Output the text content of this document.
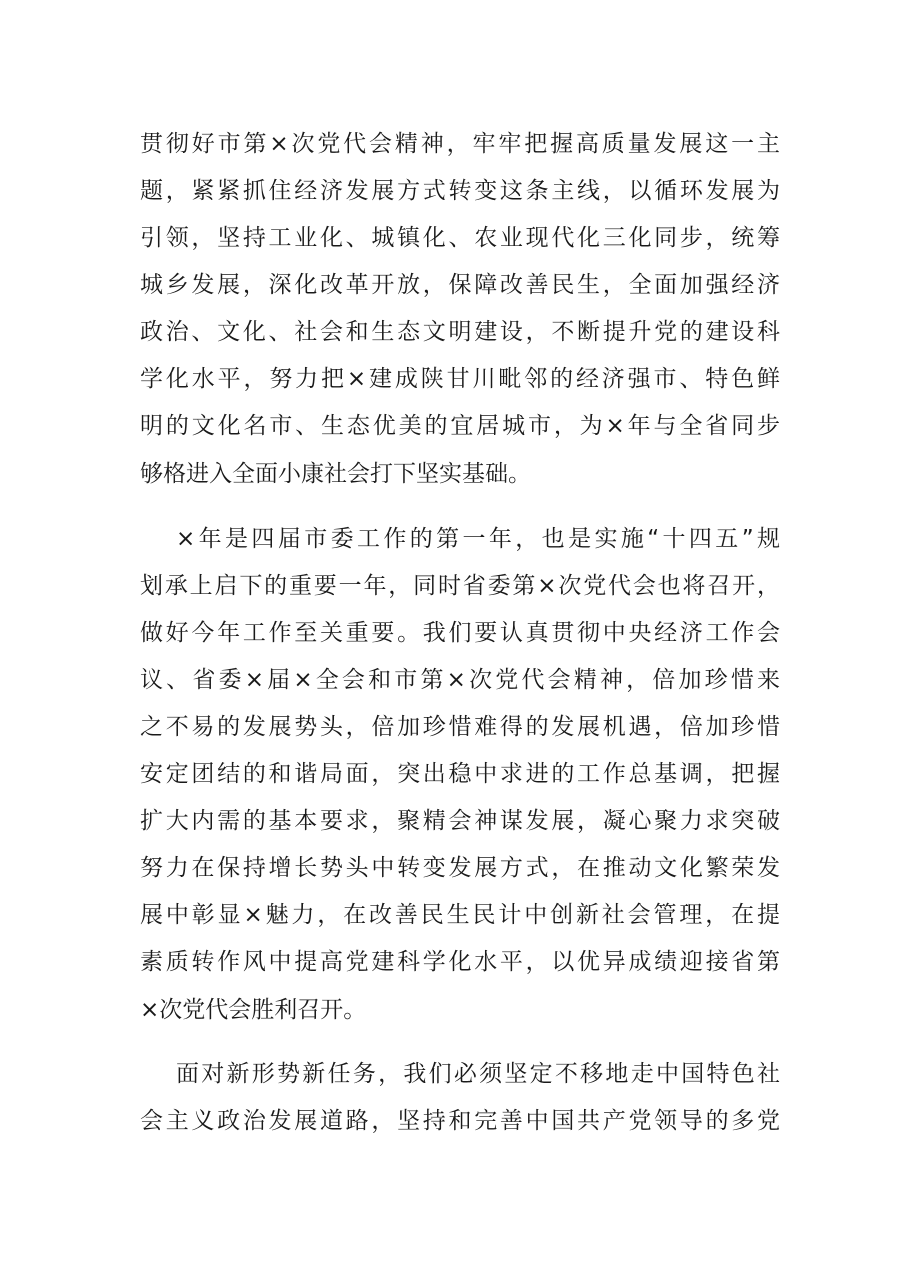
贯彻好市第×次党代会精神，牢牢把握高质量发展这一主
题，紧紧抓住经济发展方式转变这条主线，以循环发展为
引领，坚持工业化、城镇化、农业现代化三化同步，统筹
城乡发展，深化改革开放，保障改善民生，全面加强经济
政治、文化、社会和生态文明建设，不断提升党的建设科
学化水平，努力把×建成陕甘川毗邻的经济强市、特色鲜
明的文化名市、生态优美的宜居城市，为×年与全省同步
够格进入全面小康社会打下坚实基础。
×年是四届市委工作的第一年，也是实施“十四五”规
划承上启下的重要一年，同时省委第×次党代会也将召开，
做好今年工作至关重要。我们要认真贯彻中央经济工作会
议、省委×届×全会和市第×次党代会精神，倍加珍惜来
之不易的发展势头，倍加珍惜难得的发展机遇，倍加珍惜
安定团结的和谐局面，突出稳中求进的工作总基调，把握
扩大内需的基本要求，聚精会神谋发展，凝心聚力求突破
努力在保持增长势头中转变发展方式，在推动文化繁荣发
展中彰显×魅力，在改善民生民计中创新社会管理，在提
素质转作风中提高党建科学化水平，以优异成绩迎接省第
×次党代会胜利召开。
面对新形势新任务，我们必须坚定不移地走中国特色社
会主义政治发展道路，坚持和完善中国共产党领导的多党
